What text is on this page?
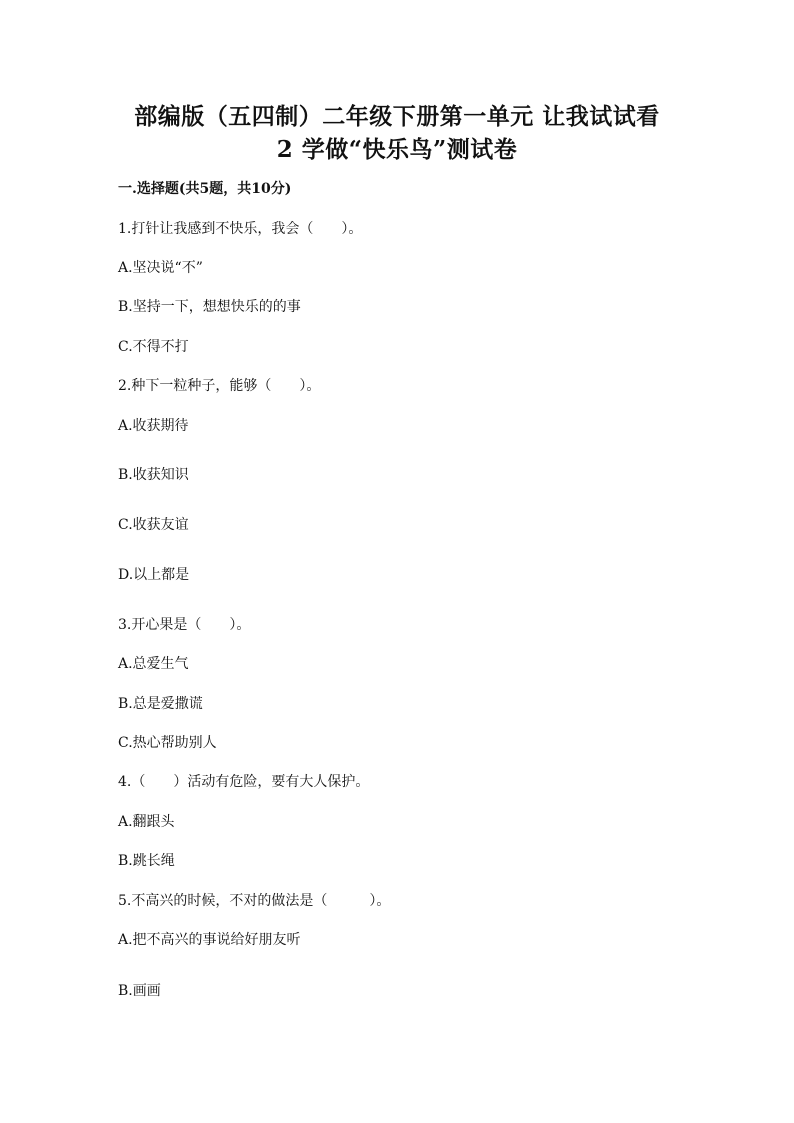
部编版（五四制）二年级下册第一单元 让我试试看
2 学做“快乐鸟”测试卷
一.选择题(共5题，共10分)
1.打针让我感到不快乐，我会（　　）。
A.坚决说“不”
B.坚持一下，想想快乐的的事
C.不得不打
2.种下一粒种子，能够（　　）。
A.收获期待
B.收获知识
C.收获友谊
D.以上都是
3.开心果是（　　）。
A.总爱生气
B.总是爱撒谎
C.热心帮助别人
4.（　　）活动有危险，要有大人保护。
A.翻跟头
B.跳长绳
5.不高兴的时候，不对的做法是（　　　）。
A.把不高兴的事说给好朋友听
B.画画
